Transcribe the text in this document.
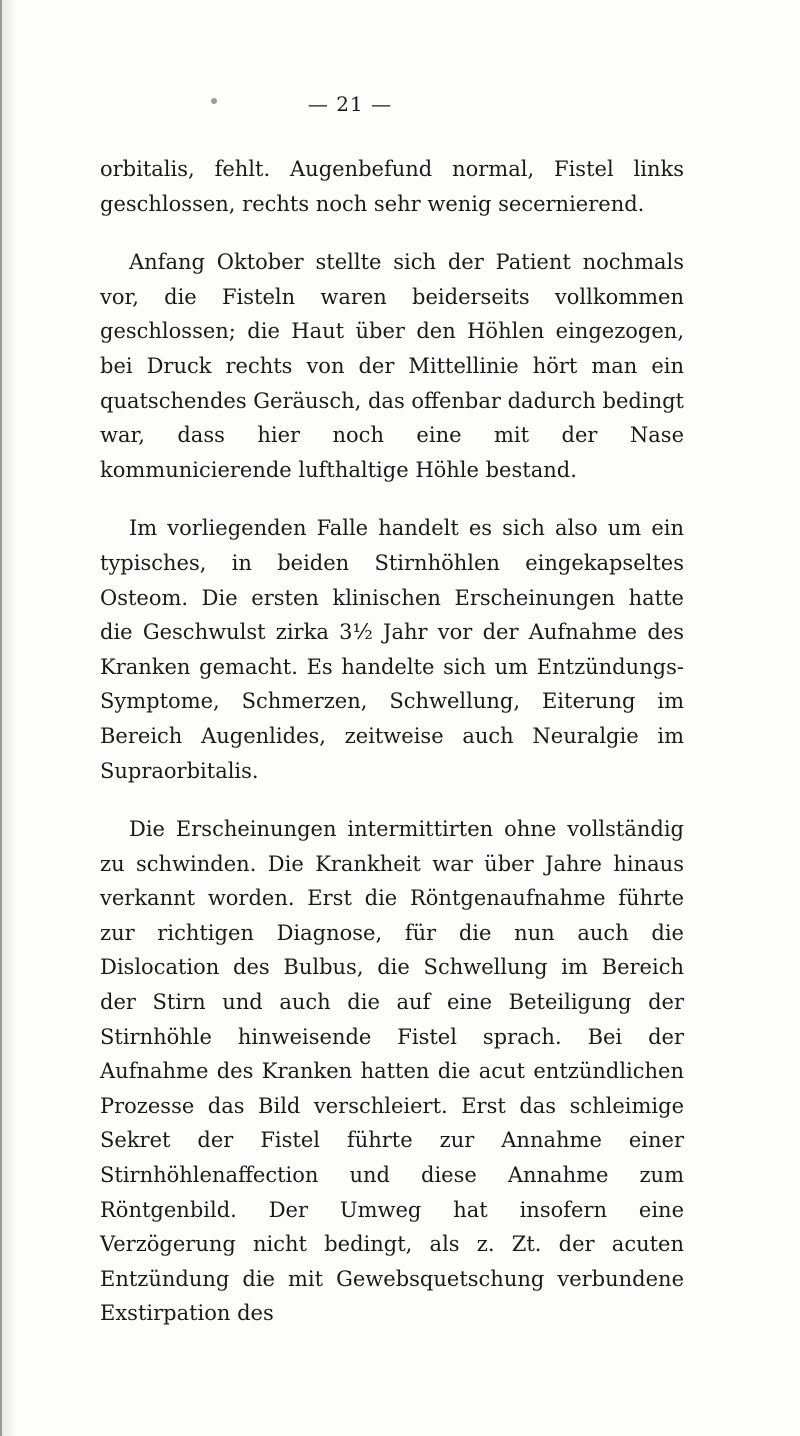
— 21 —

orbitalis, fehlt. Augenbefund normal, Fistel links geschlossen, rechts noch sehr wenig secernierend.

Anfang Oktober stellte sich der Patient nochmals vor, die Fisteln waren beiderseits vollkommen geschlossen; die Haut über den Höhlen eingezogen, bei Druck rechts von der Mittellinie hört man ein quatschendes Geräusch, das offenbar dadurch bedingt war, dass hier noch eine mit der Nase kommunicierende lufthaltige Höhle bestand.

Im vorliegenden Falle handelt es sich also um ein typisches, in beiden Stirnhöhlen eingekapseltes Osteom. Die ersten klinischen Erscheinungen hatte die Geschwulst zirka 3½ Jahr vor der Aufnahme des Kranken gemacht. Es handelte sich um Entzündungs-Symptome, Schmerzen, Schwellung, Eiterung im Bereich Augenlides, zeitweise auch Neuralgie im Supraorbitalis.

Die Erscheinungen intermittirten ohne vollständig zu schwinden. Die Krankheit war über Jahre hinaus verkannt worden. Erst die Röntgenaufnahme führte zur richtigen Diagnose, für die nun auch die Dislocation des Bulbus, die Schwellung im Bereich der Stirn und auch die auf eine Beteiligung der Stirnhöhle hinweisende Fistel sprach. Bei der Aufnahme des Kranken hatten die acut entzündlichen Prozesse das Bild verschleiert. Erst das schleimige Sekret der Fistel führte zur Annahme einer Stirnhöhlenaffection und diese Annahme zum Röntgenbild. Der Umweg hat insofern eine Verzögerung nicht bedingt, als z. Zt. der acuten Entzündung die mit Gewebsquetschung verbundene Exstirpation des
